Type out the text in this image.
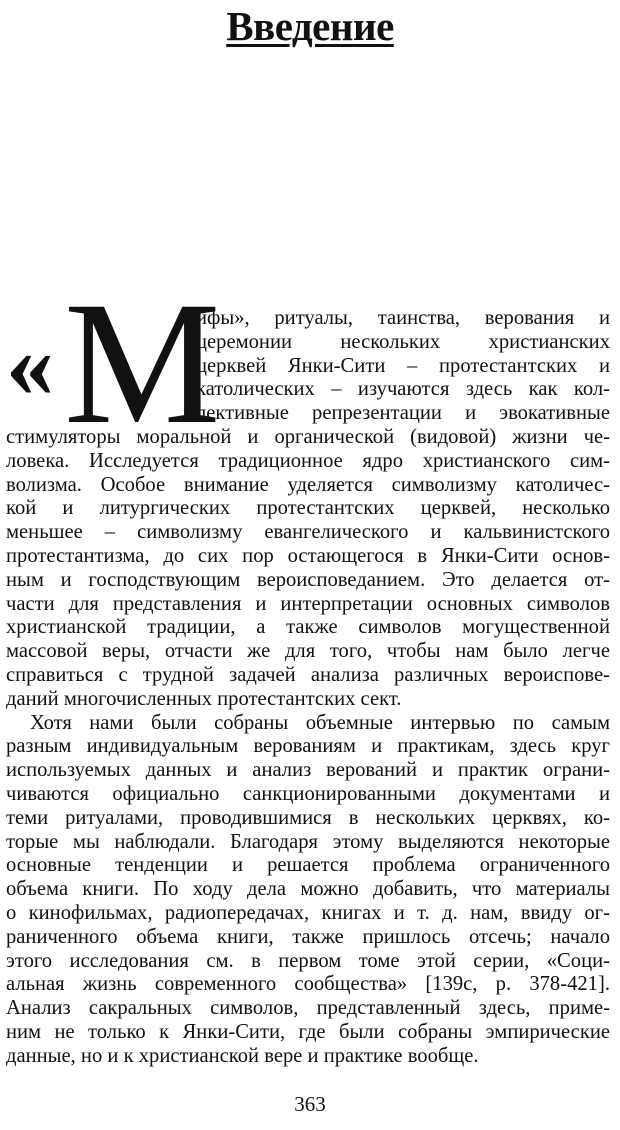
Введение
« М
ифы», ритуалы, таинства, верования и
церемонии нескольких христианских
церквей Янки-Сити – протестантских и
католических – изучаются здесь как кол-
лективные репрезентации и эвокативные
стимуляторы моральной и органической (видовой) жизни че-
ловека. Исследуется традиционное ядро христианского сим-
волизма. Особое внимание уделяется символизму католичес-
кой и литургических протестантских церквей, несколько
меньшее – символизму евангелического и кальвинистского
протестантизма, до сих пор остающегося в Янки-Сити основ-
ным и господствующим вероисповеданием. Это делается от-
части для представления и интерпретации основных символов
христианской традиции, а также символов могущественной
массовой веры, отчасти же для того, чтобы нам было легче
справиться с трудной задачей анализа различных вероиспове-
даний многочисленных протестантских сект.
Хотя нами были собраны объемные интервью по самым
разным индивидуальным верованиям и практикам, здесь круг
используемых данных и анализ верований и практик ограни-
чиваются официально санкционированными документами и
теми ритуалами, проводившимися в нескольких церквях, ко-
торые мы наблюдали. Благодаря этому выделяются некоторые
основные тенденции и решается проблема ограниченного
объема книги. По ходу дела можно добавить, что материалы
о кинофильмах, радиопередачах, книгах и т. д. нам, ввиду ог-
раниченного объема книги, также пришлось отсечь; начало
этого исследования см. в первом томе этой серии, «Соци-
альная жизнь современного сообщества» [139c, p. 378-421].
Анализ сакральных символов, представленный здесь, приме-
ним не только к Янки-Сити, где были собраны эмпирические
данные, но и к христианской вере и практике вообще.
363
